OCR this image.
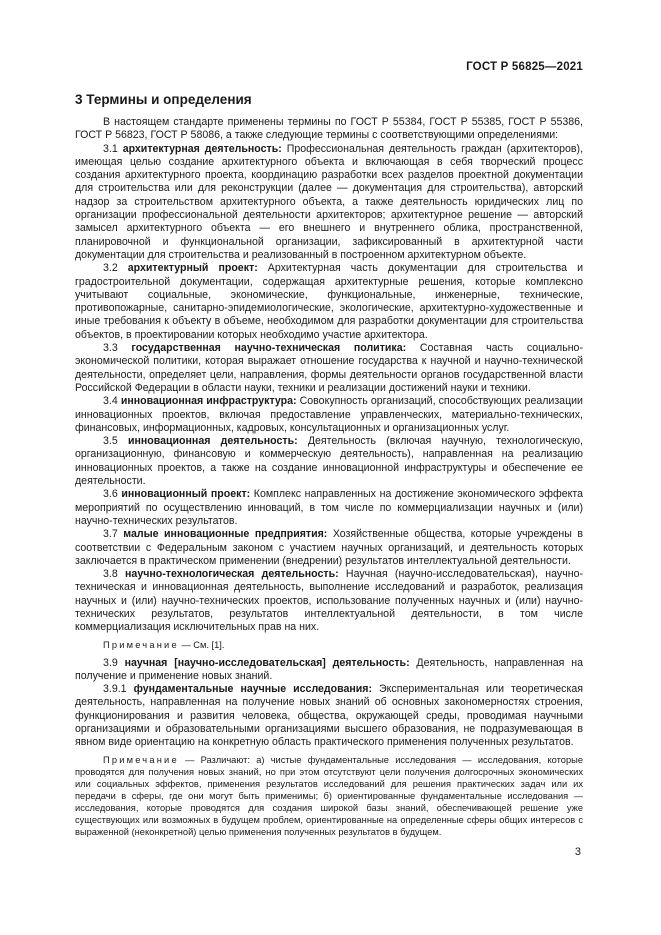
ГОСТ Р 56825—2021
3 Термины и определения

В настоящем стандарте применены термины по ГОСТ Р 55384, ГОСТ Р 55385, ГОСТ Р 55386, ГОСТ Р 56823, ГОСТ Р 58086, а также следующие термины с соответствующими определениями:

3.1 архитектурная деятельность: Профессиональная деятельность граждан (архитекторов), имеющая целью создание архитектурного объекта и включающая в себя творческий процесс создания архитектурного проекта, координацию разработки всех разделов проектной документации для строительства или для реконструкции (далее — документация для строительства), авторский надзор за строительством архитектурного объекта, а также деятельность юридических лиц по организации профессиональной деятельности архитекторов; архитектурное решение — авторский замысел архитектурного объекта — его внешнего и внутреннего облика, пространственной, планировочной и функциональной организации, зафиксированный в архитектурной части документации для строительства и реализованный в построенном архитектурном объекте.

3.2 архитектурный проект: Архитектурная часть документации для строительства и градостроительной документации, содержащая архитектурные решения, которые комплексно учитывают социальные, экономические, функциональные, инженерные, технические, противопожарные, санитарно-эпидемиологические, экологические, архитектурно-художественные и иные требования к объекту в объеме, необходимом для разработки документации для строительства объектов, в проектировании которых необходимо участие архитектора.

3.3 государственная научно-техническая политика: Составная часть социально-экономической политики, которая выражает отношение государства к научной и научно-технической деятельности, определяет цели, направления, формы деятельности органов государственной власти Российской Федерации в области науки, техники и реализации достижений науки и техники.

3.4 инновационная инфраструктура: Совокупность организаций, способствующих реализации инновационных проектов, включая предоставление управленческих, материально-технических, финансовых, информационных, кадровых, консультационных и организационных услуг.

3.5 инновационная деятельность: Деятельность (включая научную, технологическую, организационную, финансовую и коммерческую деятельность), направленная на реализацию инновационных проектов, а также на создание инновационной инфраструктуры и обеспечение ее деятельности.

3.6 инновационный проект: Комплекс направленных на достижение экономического эффекта мероприятий по осуществлению инноваций, в том числе по коммерциализации научных и (или) научно-технических результатов.

3.7 малые инновационные предприятия: Хозяйственные общества, которые учреждены в соответствии с Федеральным законом с участием научных организаций, и деятельность которых заключается в практическом применении (внедрении) результатов интеллектуальной деятельности.

3.8 научно-технологическая деятельность: Научная (научно-исследовательская), научно-техническая и инновационная деятельность, выполнение исследований и разработок, реализация научных и (или) научно-технических проектов, использование полученных научных и (или) научно-технических результатов, результатов интеллектуальной деятельности, в том числе коммерциализация исключительных прав на них.

Примечание — См. [1].

3.9 научная [научно-исследовательская] деятельность: Деятельность, направленная на получение и применение новых знаний.

3.9.1 фундаментальные научные исследования: Экспериментальная или теоретическая деятельность, направленная на получение новых знаний об основных закономерностях строения, функционирования и развития человека, общества, окружающей среды, проводимая научными организациями и образовательными организациями высшего образования, не подразумевающая в явном виде ориентацию на конкретную область практического применения полученных результатов.

Примечание — Различают: а) чистые фундаментальные исследования — исследования, которые проводятся для получения новых знаний, но при этом отсутствуют цели получения долгосрочных экономических или социальных эффектов, применения результатов исследований для решения практических задач или их передачи в сферы, где они могут быть применимы; б) ориентированные фундаментальные исследования — исследования, которые проводятся для создания широкой базы знаний, обеспечивающей решение уже существующих или возможных в будущем проблем, ориентированные на определенные сферы общих интересов с выраженной (неконкретной) целью применения полученных результатов в будущем.

3
